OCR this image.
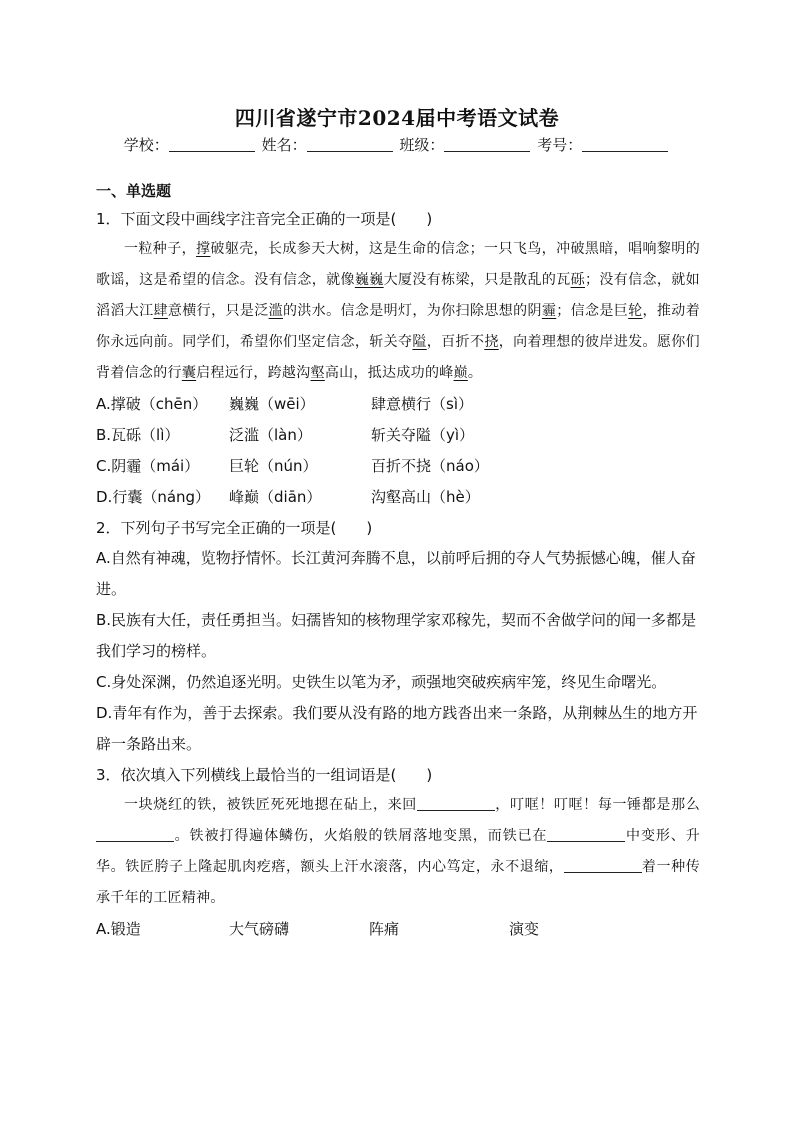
四川省遂宁市2024届中考语文试卷
学校：	姓名：	班级：	考号：

一、单选题

1．下面文段中画线字注音完全正确的一项是(　　)

一粒种子，撑破躯壳，长成参天大树，这是生命的信念；一只飞鸟，冲破黑暗，唱响黎明的歌谣，这是希望的信念。没有信念，就像巍巍大厦没有栋梁，只是散乱的瓦砾；没有信念，就如滔滔大江肆意横行，只是泛滥的洪水。信念是明灯，为你扫除思想的阴霾；信念是巨轮，推动着你永远向前。同学们，希望你们坚定信念，斩关夺隘，百折不挠，向着理想的彼岸进发。愿你们背着信念的行囊启程远行，跨越沟壑高山，抵达成功的峰巅。

A.撑破（chēn）	巍巍（wēi）	肆意横行（sì）
B.瓦砾（lì）	泛滥（làn）	斩关夺隘（yì）
C.阴霾（mái）	巨轮（nún）	百折不挠（náo）
D.行囊（náng）	峰巅（diān）	沟壑高山（hè）

2．下列句子书写完全正确的一项是(　　)

A.自然有神魂，览物抒情怀。长江黄河奔腾不息，以前呼后拥的夺人气势振憾心魄，催人奋进。

B.民族有大任，责任勇担当。妇孺皆知的核物理学家邓稼先，契而不舍做学问的闻一多都是我们学习的榜样。

C.身处深渊，仍然追逐光明。史铁生以笔为矛，顽强地突破疾病牢笼，终见生命曙光。

D.青年有作为，善于去探索。我们要从没有路的地方践沓出来一条路，从荆棘丛生的地方开辟一条路出来。

3．依次填入下列横线上最恰当的一组词语是(　　)

一块烧红的铁，被铁匠死死地摁在砧上，来回	，叮哐！叮哐！每一锤都是那么。铁被打得遍体鳞伤，火焰般的铁屑落地变黑，而铁已在	中变形、升华。铁匠胯子上隆起肌肉疙瘩，额头上汗水滚落，内心笃定，永不退缩，	着一种传承千年的工匠精神。

A.锻造	大气磅礴	阵痛	演变
